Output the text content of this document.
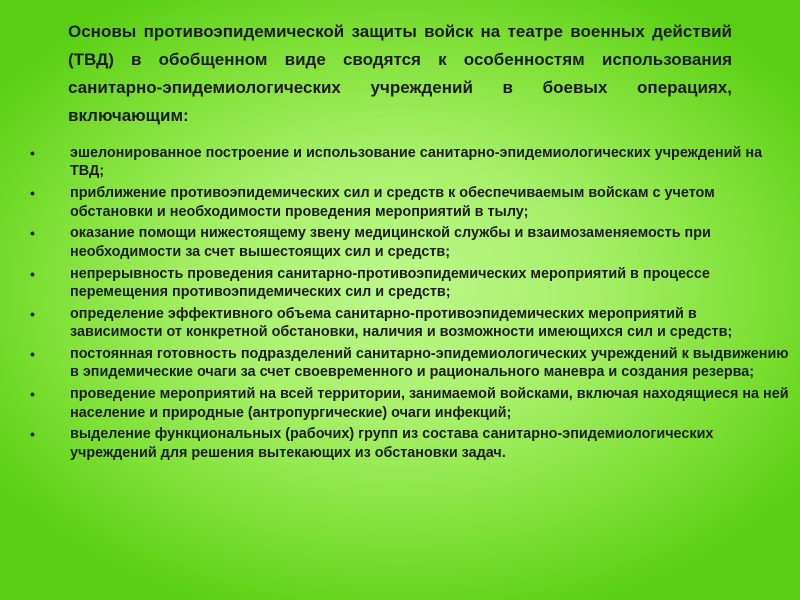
Основы противоэпидемической защиты войск на театре военных действий (ТВД) в обобщенном виде сводятся к особенностям использования санитарно-эпидемиологических учреждений в боевых операциях, включающим:

• эшелонированное построение и использование санитарно-эпидемиологических учреждений на ТВД;
• приближение противоэпидемических сил и средств к обеспечиваемым войскам с учетом обстановки и необходимости проведения мероприятий в тылу;
• оказание помощи нижестоящему звену медицинской службы и взаимозаменяемость при необходимости за счет вышестоящих сил и средств;
• непрерывность проведения санитарно-противоэпидемических мероприятий в процессе перемещения противоэпидемических сил и средств;
• определение эффективного объема санитарно-противоэпидемических мероприятий в зависимости от конкретной обстановки, наличия и возможности имеющихся сил и средств;
• постоянная готовность подразделений санитарно-эпидемиологических учреждений к выдвижению в эпидемические очаги за счет своевременного и рационального маневра и создания резерва;
• проведение мероприятий на всей территории, занимаемой войсками, включая находящиеся на ней население и природные (антропургические) очаги инфекций;
• выделение функциональных (рабочих) групп из состава санитарно-эпидемиологических учреждений для решения вытекающих из обстановки задач.
